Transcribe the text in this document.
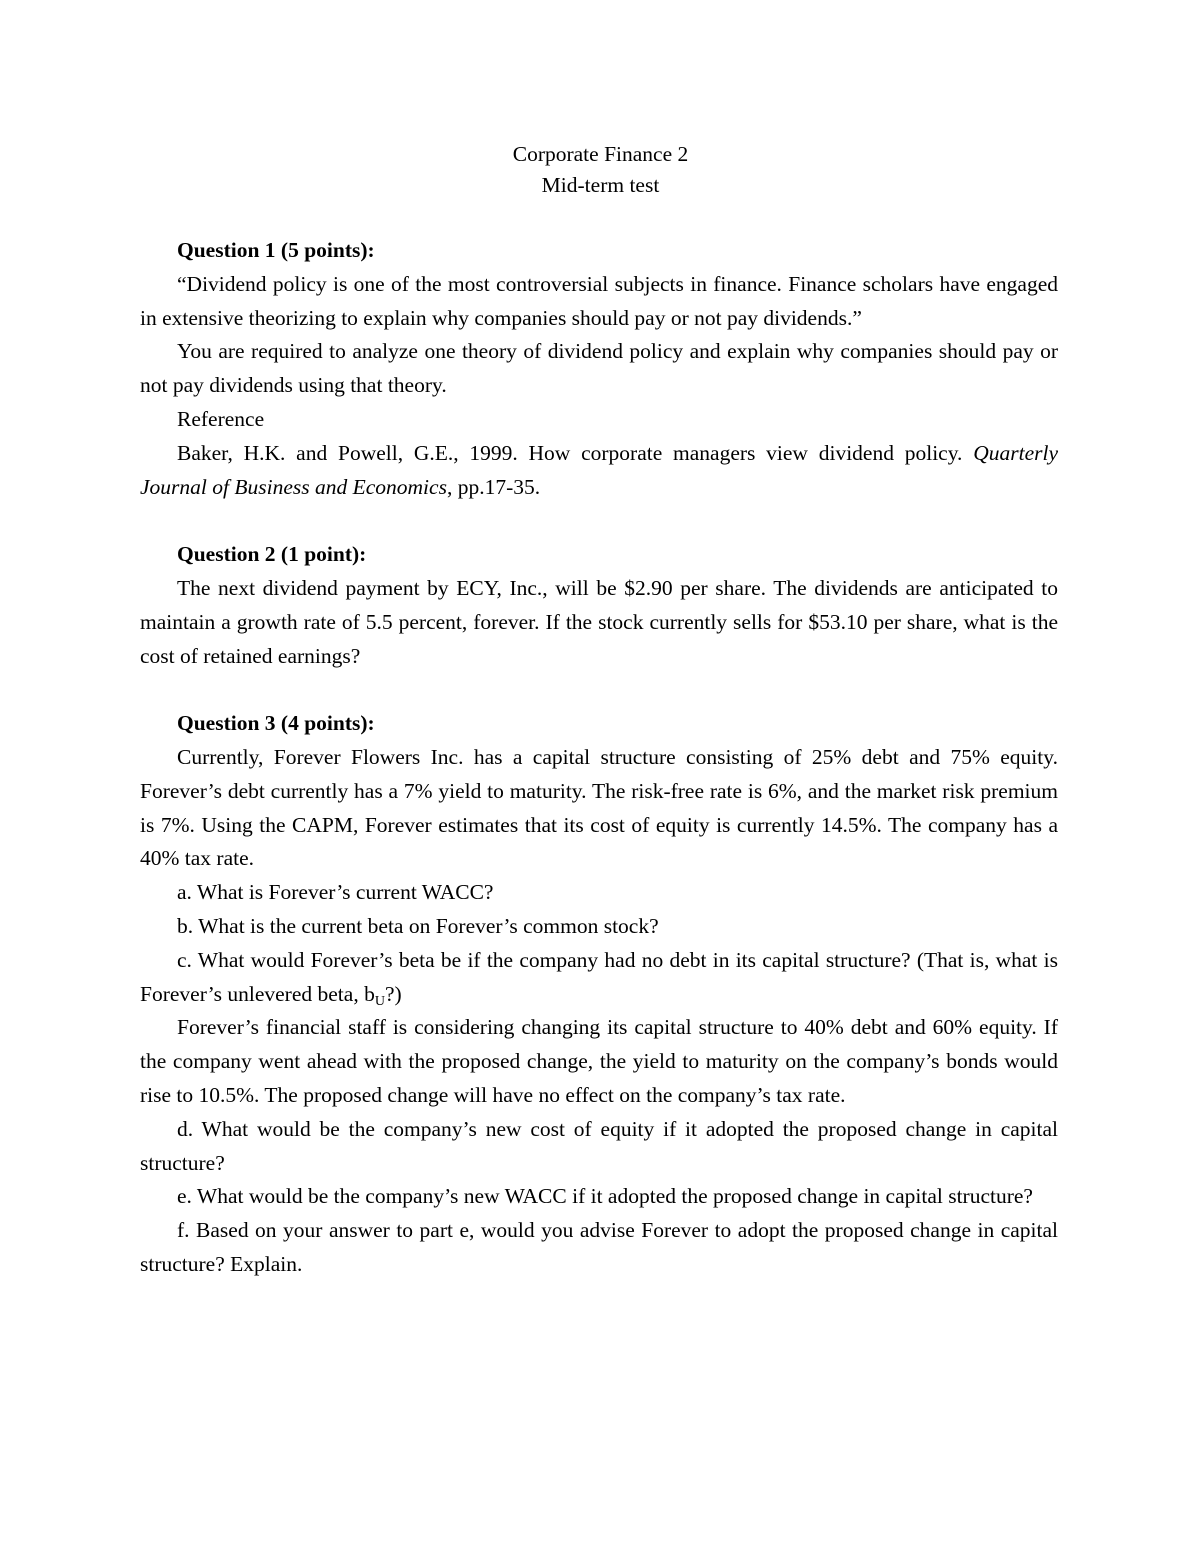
Corporate Finance 2
Mid-term test

Question 1 (5 points):

“Dividend policy is one of the most controversial subjects in finance. Finance scholars have engaged in extensive theorizing to explain why companies should pay or not pay dividends.”

You are required to analyze one theory of dividend policy and explain why companies should pay or not pay dividends using that theory.

Reference

Baker, H.K. and Powell, G.E., 1999. How corporate managers view dividend policy. Quarterly Journal of Business and Economics, pp.17-35.

Question 2 (1 point):

The next dividend payment by ECY, Inc., will be $2.90 per share. The dividends are anticipated to maintain a growth rate of 5.5 percent, forever. If the stock currently sells for $53.10 per share, what is the cost of retained earnings?

Question 3 (4 points):

Currently, Forever Flowers Inc. has a capital structure consisting of 25% debt and 75% equity. Forever’s debt currently has a 7% yield to maturity. The risk-free rate is 6%, and the market risk premium is 7%. Using the CAPM, Forever estimates that its cost of equity is currently 14.5%. The company has a 40% tax rate.

a. What is Forever’s current WACC?

b. What is the current beta on Forever’s common stock?

c. What would Forever’s beta be if the company had no debt in its capital structure? (That is, what is Forever’s unlevered beta, $b_U$?)

Forever’s financial staff is considering changing its capital structure to 40% debt and 60% equity. If the company went ahead with the proposed change, the yield to maturity on the company’s bonds would rise to 10.5%. The proposed change will have no effect on the company’s tax rate.

d. What would be the company’s new cost of equity if it adopted the proposed change in capital structure?

e. What would be the company’s new WACC if it adopted the proposed change in capital structure?

f. Based on your answer to part e, would you advise Forever to adopt the proposed change in capital structure? Explain.
